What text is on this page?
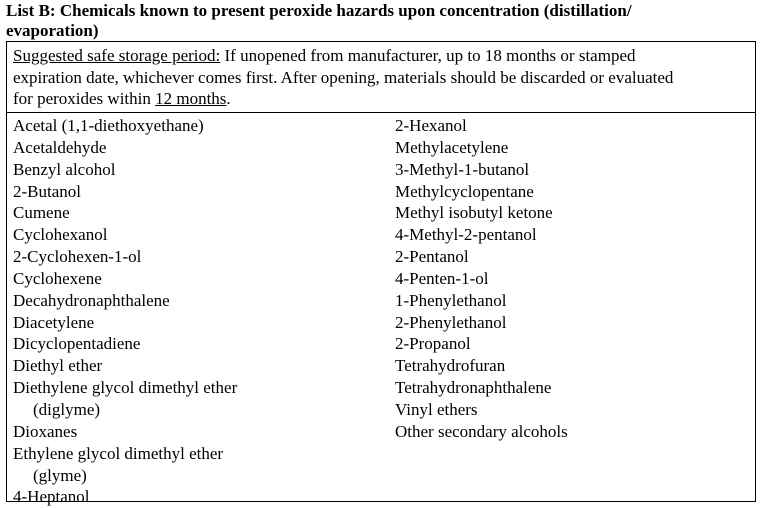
List B: Chemicals known to present peroxide hazards upon concentration (distillation/
evaporation)
Suggested safe storage period: If unopened from manufacturer, up to 18 months or stamped
expiration date, whichever comes first. After opening, materials should be discarded or evaluated
for peroxides within 12 months.
Acetal (1,1-diethoxyethane)
Acetaldehyde
Benzyl alcohol
2-Butanol
Cumene
Cyclohexanol
2-Cyclohexen-1-ol
Cyclohexene
Decahydronaphthalene
Diacetylene
Dicyclopentadiene
Diethyl ether
Diethylene glycol dimethyl ether
(diglyme)
Dioxanes
Ethylene glycol dimethyl ether
(glyme)
4-Heptanol
2-Hexanol
Methylacetylene
3-Methyl-1-butanol
Methylcyclopentane
Methyl isobutyl ketone
4-Methyl-2-pentanol
2-Pentanol
4-Penten-1-ol
1-Phenylethanol
2-Phenylethanol
2-Propanol
Tetrahydrofuran
Tetrahydronaphthalene
Vinyl ethers
Other secondary alcohols
